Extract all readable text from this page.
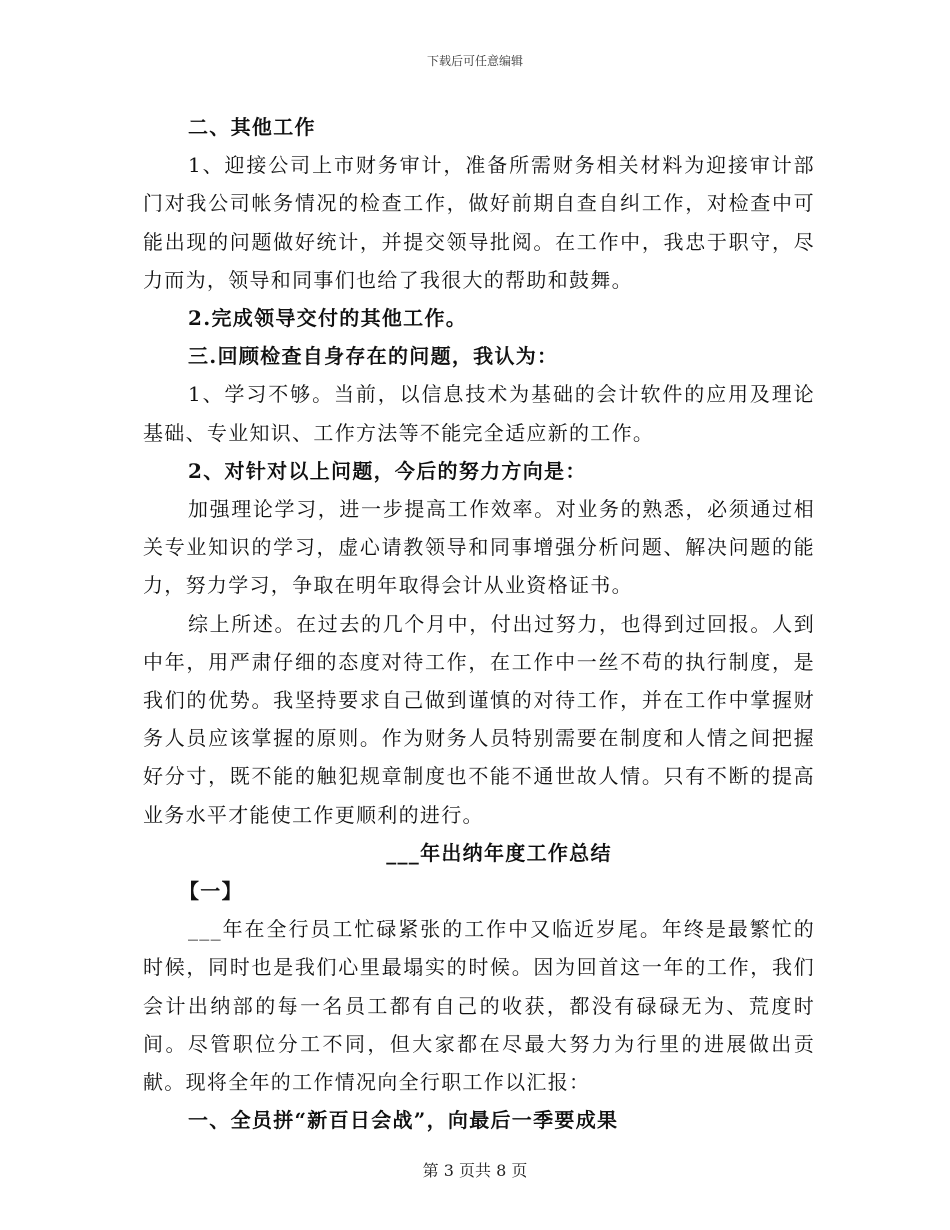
下载后可任意编辑

二、其他工作

1、迎接公司上市财务审计，准备所需财务相关材料为迎接审计部门对我公司帐务情况的检查工作，做好前期自查自纠工作，对检查中可能出现的问题做好统计，并提交领导批阅。在工作中，我忠于职守，尽力而为，领导和同事们也给了我很大的帮助和鼓舞。

2.完成领导交付的其他工作。

三.回顾检查自身存在的问题，我认为：

1、学习不够。当前，以信息技术为基础的会计软件的应用及理论基础、专业知识、工作方法等不能完全适应新的工作。

2、对针对以上问题，今后的努力方向是：

加强理论学习，进一步提高工作效率。对业务的熟悉，必须通过相关专业知识的学习，虚心请教领导和同事增强分析问题、解决问题的能力，努力学习，争取在明年取得会计从业资格证书。

综上所述。在过去的几个月中，付出过努力，也得到过回报。人到中年，用严肃仔细的态度对待工作，在工作中一丝不苟的执行制度，是我们的优势。我坚持要求自己做到谨慎的对待工作，并在工作中掌握财务人员应该掌握的原则。作为财务人员特别需要在制度和人情之间把握好分寸，既不能的触犯规章制度也不能不通世故人情。只有不断的提高业务水平才能使工作更顺利的进行。

___年出纳年度工作总结

【一】

___年在全行员工忙碌紧张的工作中又临近岁尾。年终是最繁忙的时候，同时也是我们心里最塌实的时候。因为回首这一年的工作，我们会计出纳部的每一名员工都有自己的收获，都没有碌碌无为、荒度时间。尽管职位分工不同，但大家都在尽最大努力为行里的进展做出贡献。现将全年的工作情况向全行职工作以汇报：

一、全员拼“新百日会战”，向最后一季要成果

第 3 页共 8 页
